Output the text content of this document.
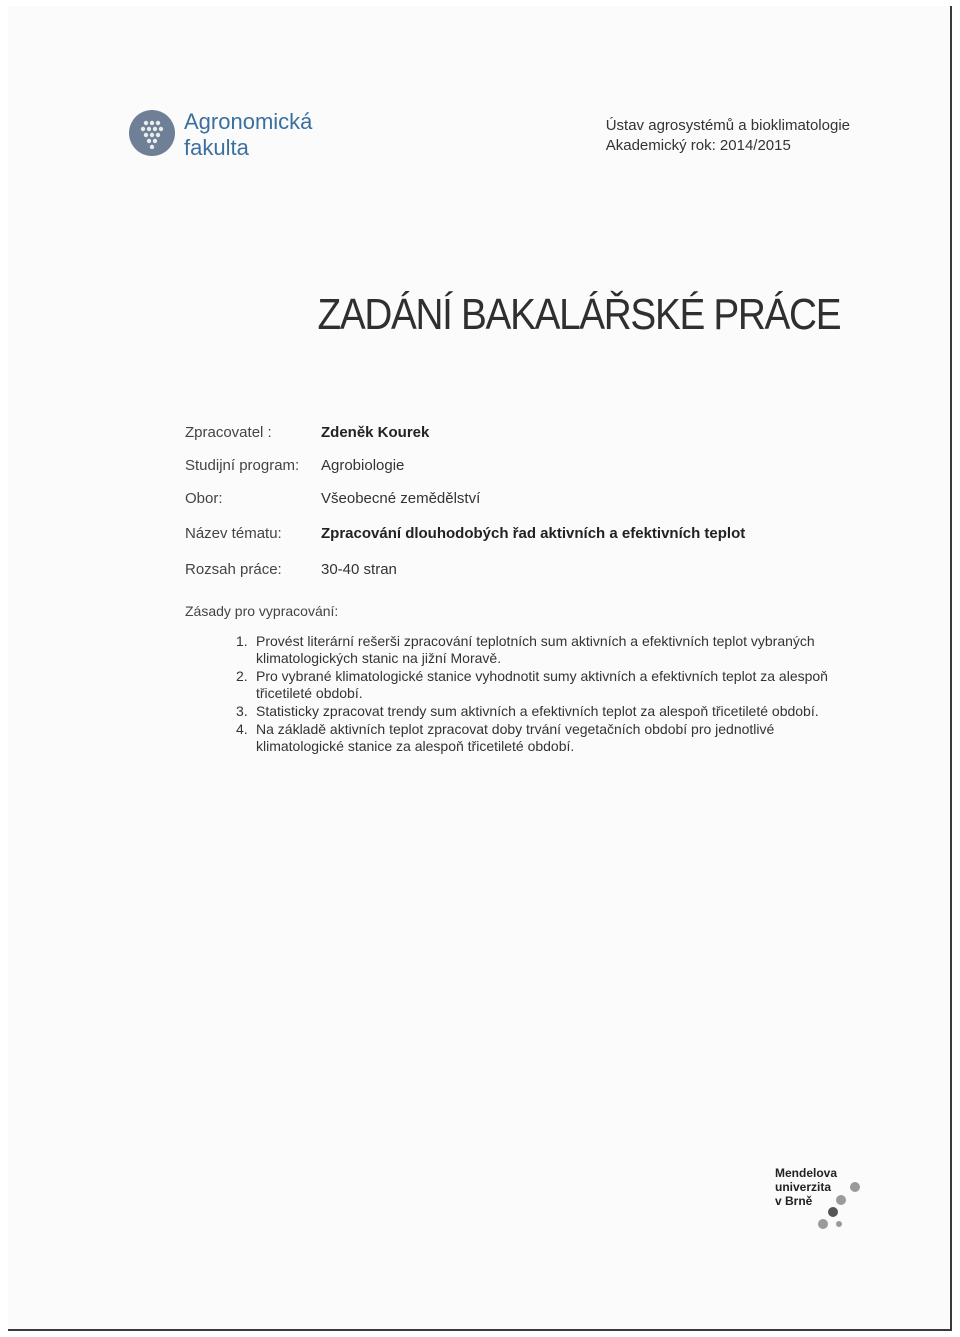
Agronomická
fakulta
Ústav agrosystémů a bioklimatologie
Akademický rok: 2014/2015
ZADÁNÍ BAKALÁŘSKÉ PRÁCE
Zpracovatel :	Zdeněk Kourek
Studijní program:	Agrobiologie
Obor:	Všeobecné zemědělství
Název tématu:	Zpracování dlouhodobých řad aktivních a efektivních teplot
Rozsah práce:	30-40 stran
Zásady pro vypracování:
1. Provést literární rešerši zpracování teplotních sum aktivních a efektivních teplot vybraných klimatologických stanic na jižní Moravě.
2. Pro vybrané klimatologické stanice vyhodnotit sumy aktivních a efektivních teplot za alespoň třicetileté období.
3. Statisticky zpracovat trendy sum aktivních a efektivních teplot za alespoň třicetileté období.
4. Na základě aktivních teplot zpracovat doby trvání vegetačních období pro jednotlivé klimatologické stanice za alespoň třicetileté období.
Mendelova
univerzita
v Brně
